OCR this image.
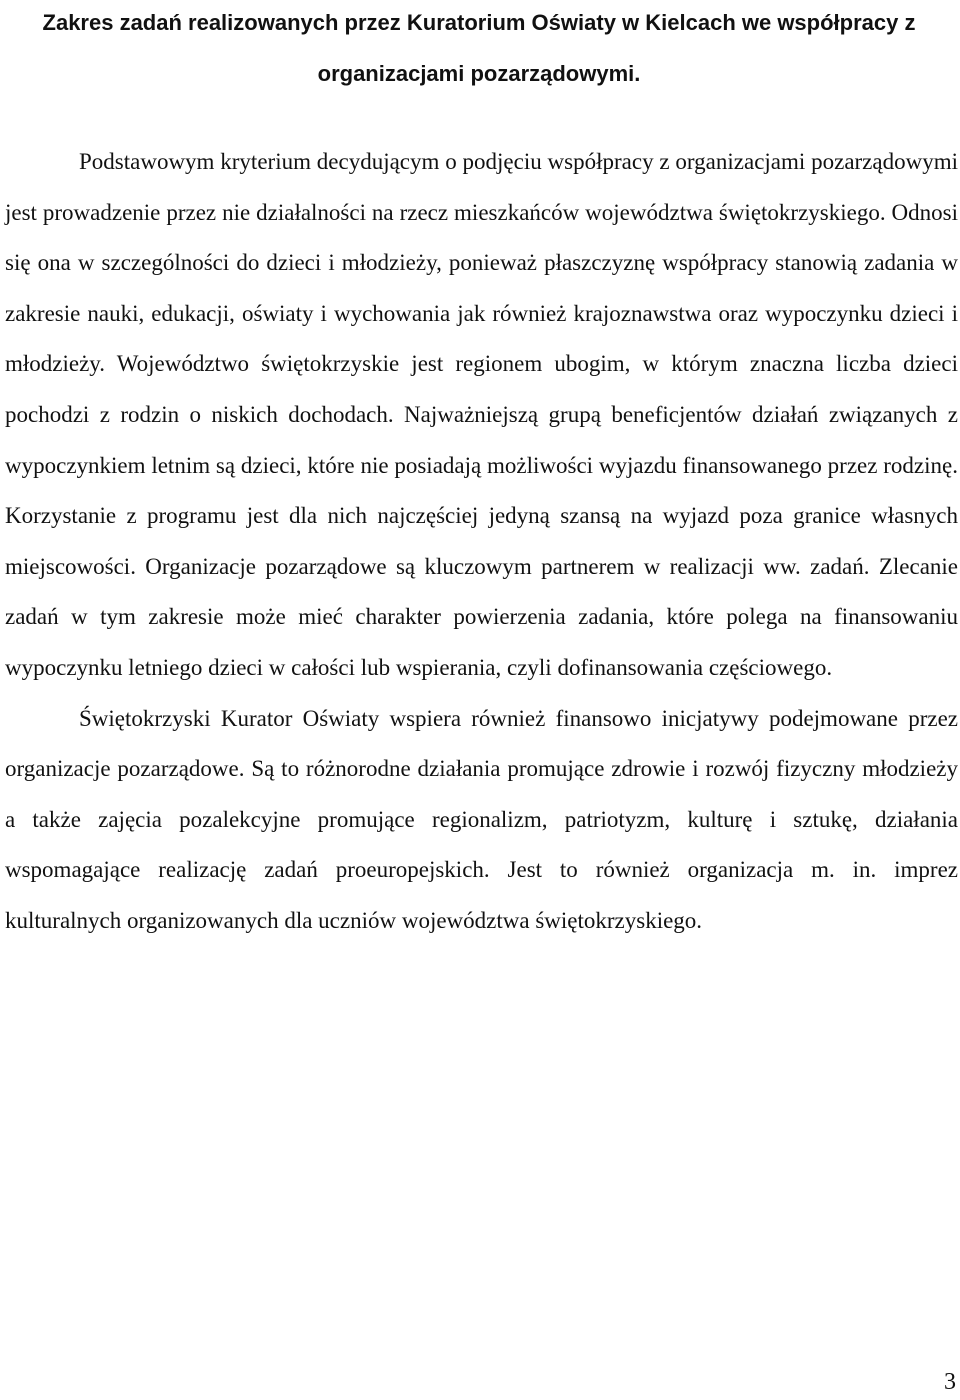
Zakres zadań realizowanych przez Kuratorium Oświaty w Kielcach we współpracy z organizacjami pozarządowymi.

Podstawowym kryterium decydującym o podjęciu współpracy z organizacjami pozarządowymi jest prowadzenie przez nie działalności na rzecz mieszkańców województwa świętokrzyskiego. Odnosi się ona w szczególności do dzieci i młodzieży, ponieważ płaszczyznę współpracy stanowią zadania w zakresie nauki, edukacji, oświaty i wychowania jak również krajoznawstwa oraz wypoczynku dzieci i młodzieży. Województwo świętokrzyskie jest regionem ubogim, w którym znaczna liczba dzieci pochodzi z rodzin o niskich dochodach. Najważniejszą grupą beneficjentów działań związanych z wypoczynkiem letnim są dzieci, które nie posiadają możliwości wyjazdu finansowanego przez rodzinę. Korzystanie z programu jest dla nich najczęściej jedyną szansą na wyjazd poza granice własnych miejscowości. Organizacje pozarządowe są kluczowym partnerem w realizacji ww. zadań. Zlecanie zadań w tym zakresie może mieć charakter powierzenia zadania, które polega na finansowaniu wypoczynku letniego dzieci w całości lub wspierania, czyli dofinansowania częściowego.

Świętokrzyski Kurator Oświaty wspiera również finansowo inicjatywy podejmowane przez organizacje pozarządowe. Są to różnorodne działania promujące zdrowie i rozwój fizyczny młodzieży a także zajęcia pozalekcyjne promujące regionalizm, patriotyzm, kulturę i sztukę, działania wspomagające realizację zadań proeuropejskich. Jest to również organizacja m. in. imprez kulturalnych organizowanych dla uczniów województwa świętokrzyskiego.

3
